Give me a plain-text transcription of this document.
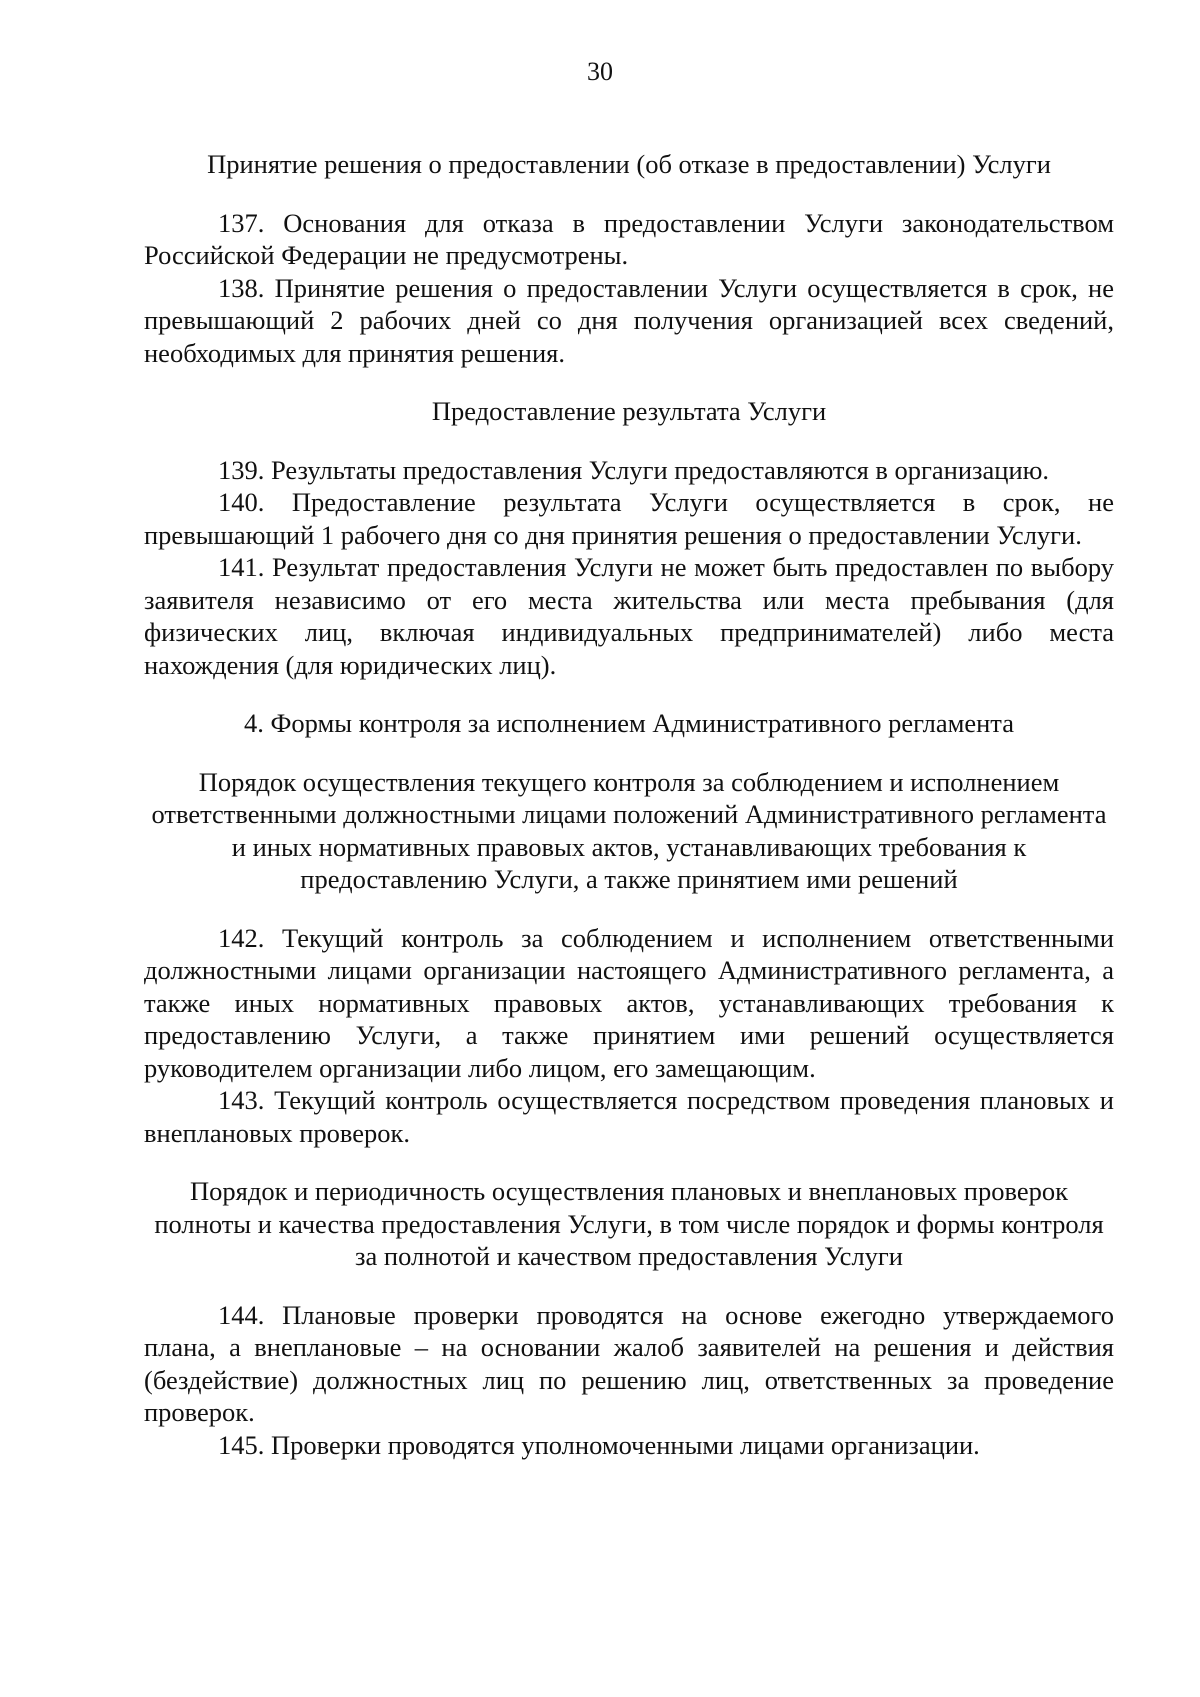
30

Принятие решения о предоставлении (об отказе в предоставлении) Услуги

137. Основания для отказа в предоставлении Услуги законодательством Российской Федерации не предусмотрены.

138. Принятие решения о предоставлении Услуги осуществляется в срок, не превышающий 2 рабочих дней со дня получения организацией всех сведений, необходимых для принятия решения.

Предоставление результата Услуги

139. Результаты предоставления Услуги предоставляются в организацию.

140. Предоставление результата Услуги осуществляется в срок, не превышающий 1 рабочего дня со дня принятия решения о предоставлении Услуги.

141. Результат предоставления Услуги не может быть предоставлен по выбору заявителя независимо от его места жительства или места пребывания (для физических лиц, включая индивидуальных предпринимателей) либо места нахождения (для юридических лиц).

4. Формы контроля за исполнением Административного регламента

Порядок осуществления текущего контроля за соблюдением и исполнением ответственными должностными лицами положений Административного регламента и иных нормативных правовых актов, устанавливающих требования к предоставлению Услуги, а также принятием ими решений

142. Текущий контроль за соблюдением и исполнением ответственными должностными лицами организации настоящего Административного регламента, а также иных нормативных правовых актов, устанавливающих требования к предоставлению Услуги, а также принятием ими решений осуществляется руководителем организации либо лицом, его замещающим.

143. Текущий контроль осуществляется посредством проведения плановых и внеплановых проверок.

Порядок и периодичность осуществления плановых и внеплановых проверок полноты и качества предоставления Услуги, в том числе порядок и формы контроля за полнотой и качеством предоставления Услуги

144. Плановые проверки проводятся на основе ежегодно утверждаемого плана, а внеплановые – на основании жалоб заявителей на решения и действия (бездействие) должностных лиц по решению лиц, ответственных за проведение проверок.

145. Проверки проводятся уполномоченными лицами организации.
